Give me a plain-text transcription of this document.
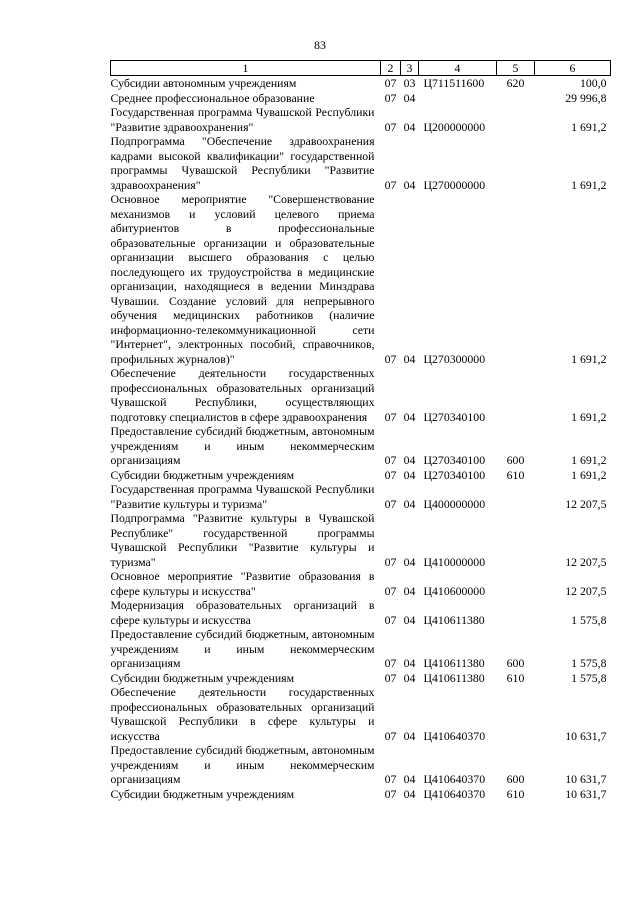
83
1	2	3	4	5	6
Субсидии автономным учреждениям	07	03	Ц711511600	620	100,0
Среднее профессиональное образование	07	04			29 996,8
Государственная программа Чувашской Республики "Развитие здравоохранения"	07	04	Ц200000000		1 691,2
Подпрограмма "Обеспечение здравоохранения кадрами высокой квалификации" государственной программы Чувашской Республики "Развитие здравоохранения"	07	04	Ц270000000		1 691,2
Основное мероприятие "Совершенствование механизмов и условий целевого приема абитуриентов в профессиональные образовательные организации и образовательные организации высшего образования с целью последующего их трудоустройства в медицинские организации, находящиеся в ведении Минздрава Чувашии. Создание условий для непрерывного обучения медицинских работников (наличие информационно-телекоммуникационной сети "Интернет", электронных пособий, справочников, профильных журналов)"	07	04	Ц270300000		1 691,2
Обеспечение деятельности государственных профессиональных образовательных организаций Чувашской Республики, осуществляющих подготовку специалистов в сфере здравоохранения	07	04	Ц270340100		1 691,2
Предоставление субсидий бюджетным, автономным учреждениям и иным некоммерческим организациям	07	04	Ц270340100	600	1 691,2
Субсидии бюджетным учреждениям	07	04	Ц270340100	610	1 691,2
Государственная программа Чувашской Республики "Развитие культуры и туризма"	07	04	Ц400000000		12 207,5
Подпрограмма "Развитие культуры в Чувашской Республике" государственной программы Чувашской Республики "Развитие культуры и туризма"	07	04	Ц410000000		12 207,5
Основное мероприятие "Развитие образования в сфере культуры и искусства"	07	04	Ц410600000		12 207,5
Модернизация образовательных организаций в сфере культуры и искусства	07	04	Ц410611380		1 575,8
Предоставление субсидий бюджетным, автономным учреждениям и иным некоммерческим организациям	07	04	Ц410611380	600	1 575,8
Субсидии бюджетным учреждениям	07	04	Ц410611380	610	1 575,8
Обеспечение деятельности государственных профессиональных образовательных организаций Чувашской Республики в сфере культуры и искусства	07	04	Ц410640370		10 631,7
Предоставление субсидий бюджетным, автономным учреждениям и иным некоммерческим организациям	07	04	Ц410640370	600	10 631,7
Субсидии бюджетным учреждениям	07	04	Ц410640370	610	10 631,7
